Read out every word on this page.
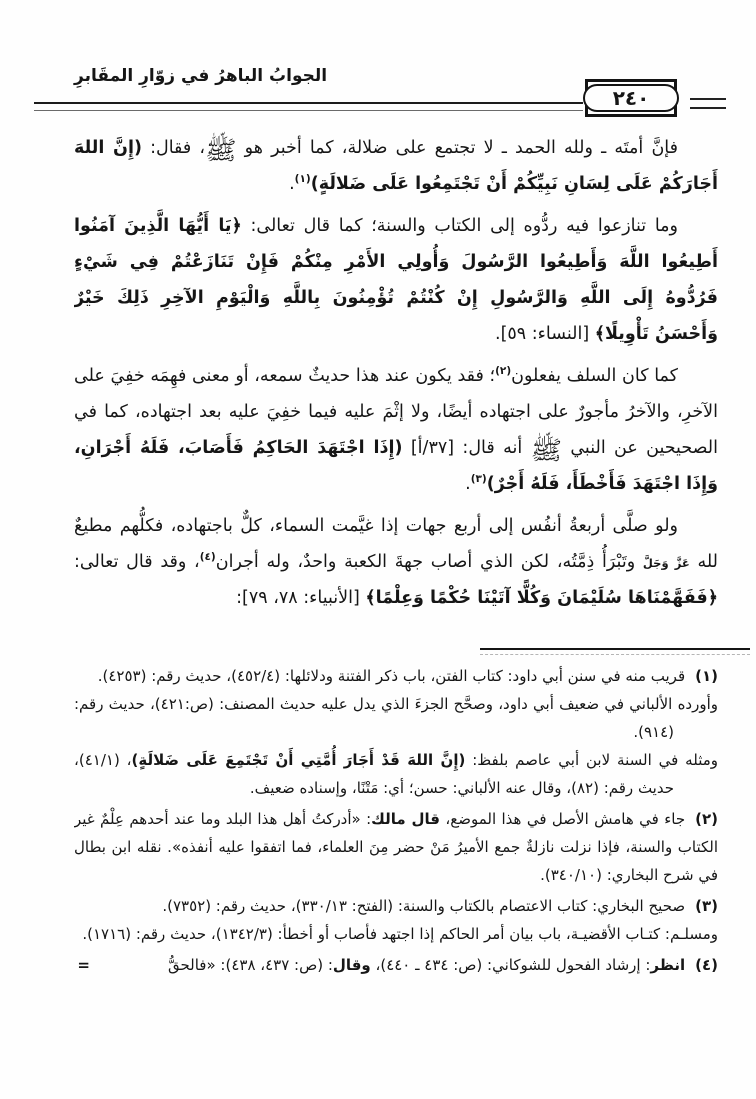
الجوابُ الباهرُ في زوّارِ المقَابرِ
٢٤٠

فإنَّ أمتَه ـ ولله الحمد ـ لا تجتمع على ضلالة، كما أخبر هو ﷺ، فقال: (إِنَّ اللهَ أَجَارَكُمْ عَلَى لِسَانِ نَبِيِّكُمْ أَنْ تَجْتَمِعُوا عَلَى ضَلالَةٍ)$^{(١)}$.

وما تنازعوا فيه ردُّوه إلى الكتاب والسنة؛ كما قال تعالى: ﴿يَا أَيُّهَا الَّذِينَ آمَنُوا أَطِيعُوا اللَّهَ وَأَطِيعُوا الرَّسُولَ وَأُولِي الأَمْرِ مِنْكُمْ فَإِنْ تَنَازَعْتُمْ فِي شَيْءٍ فَرُدُّوهُ إِلَى اللَّهِ وَالرَّسُولِ إِنْ كُنْتُمْ تُؤْمِنُونَ بِاللَّهِ وَالْيَوْمِ الآخِرِ ذَلِكَ خَيْرٌ وَأَحْسَنُ تَأْوِيلًا﴾ [النساء: ٥٩].

كما كان السلف يفعلون$^{(٢)}$؛ فقد يكون عند هذا حديثٌ سمعه، أو معنى فهِمَه خفِيَ على الآخرِ، والآخرُ مأجورٌ على اجتهاده أيضًا، ولا إثْمَ عليه فيما خفِيَ عليه بعد اجتهاده، كما في الصحيحين عن النبي ﷺ أنه قال: [٣٧/أ] (إِذَا اجْتَهَدَ الحَاكِمُ فَأَصَابَ، فَلَهُ أَجْرَانِ، وَإِذَا اجْتَهَدَ فَأَخْطَأَ، فَلَهُ أَجْرٌ)$^{(٣)}$.

ولو صلَّى أربعةُ أنفُس إلى أربع جهات إذا غيَّمت السماء، كلٌّ باجتهاده، فكلُّهم مطيعٌ لله عَزَّ وَجَلَّ وتَبْرَأُ ذِمَّتُه، لكن الذي أصاب جهةَ الكعبة واحدٌ، وله أجران$^{(٤)}$، وقد قال تعالى: ﴿فَفَهَّمْنَاهَا سُلَيْمَانَ وَكُلًّا آتَيْنَا حُكْمًا وَعِلْمًا﴾ [الأنبياء: ٧٨، ٧٩]:

(١)قريب منه في سنن أبي داود: كتاب الفتن، باب ذكر الفتنة ودلائلها: (٤٥٢/٤)، حديث رقم: (٤٢٥٣).

وأورده الألباني في ضعيف أبي داود، وصحَّح الجزءَ الذي يدل عليه حديث المصنف: (ص:٤٢١)، حديث رقم: (٩١٤).

ومثله في السنة لابن أبي عاصم بلفظ: (إِنَّ اللهَ قَدْ أَجَارَ أُمَّتِي أَنْ تَجْتَمِعَ عَلَى ضَلالَةٍ)، (٤١/١)، حديث رقم: (٨٢)، وقال عنه الألباني: حسن؛ أي: مَتْنًا، وإسناده ضعيف.

(٢)جاء في هامش الأصل في هذا الموضع، قال مالك: «أدركتُ أهل هذا البلد وما عند أحدهم عِلْمٌ غير الكتاب والسنة، فإذا نزلت نازلةٌ جمع الأميرُ مَنْ حضر مِنَ العلماء، فما اتفقوا عليه أنفذه». نقله ابن بطال في شرح البخاري: (٣٤٠/١٠).

(٣)صحيح البخاري: كتاب الاعتصام بالكتاب والسنة: (الفتح: ٣٣٠/١٣)، حديث رقم: (٧٣٥٢).

ومسلـم: كتـاب الأقضيـة، باب بيان أمر الحاكم إذا اجتهد فأصاب أو أخطأ: (١٣٤٢/٣)، حديث رقم: (١٧١٦).

(٤)انظر: إرشاد الفحول للشوكاني: (ص: ٤٣٤ ـ ٤٤٠)، وقال: (ص: ٤٣٧، ٤٣٨): «فالحقُّ
=
